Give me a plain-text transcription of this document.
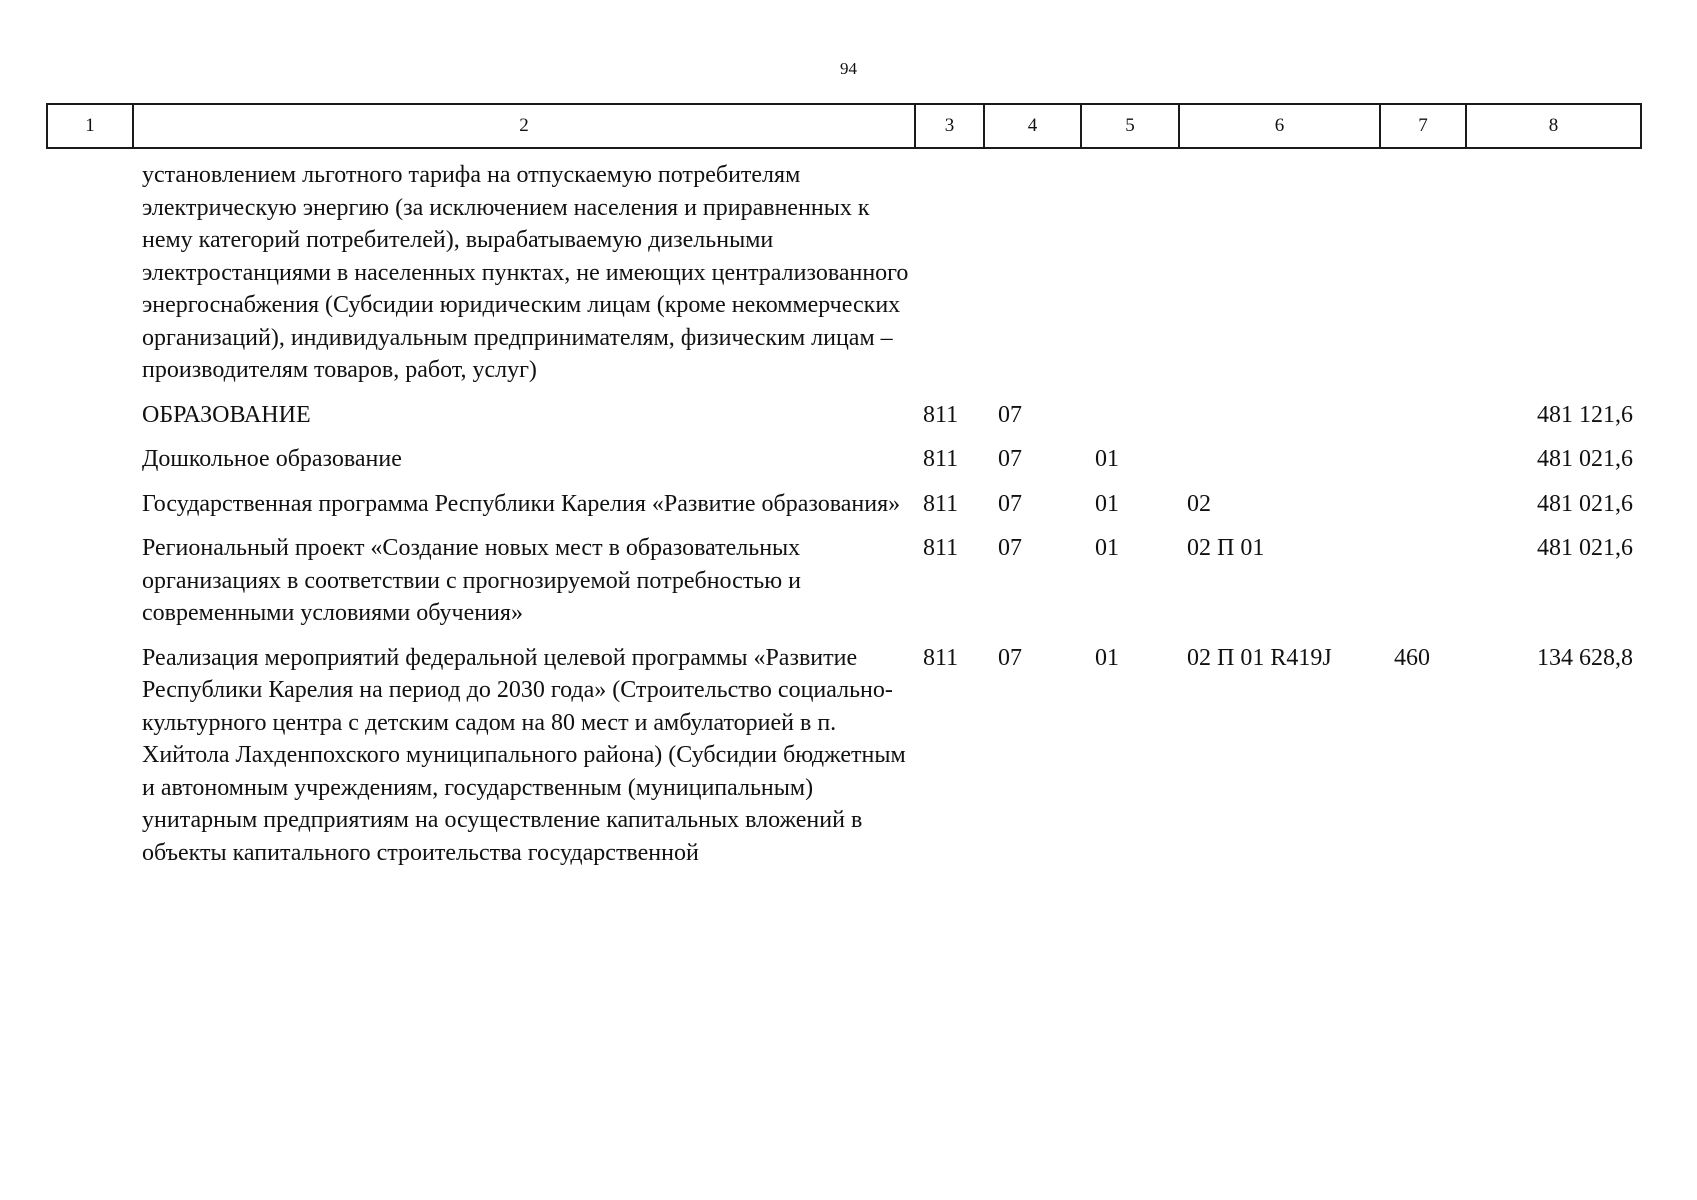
94
1	2	3	4	5	6	7	8
установлением льготного тарифа на отпускаемую потребителям электрическую энергию (за исключением населения и приравненных к нему категорий потребителей), вырабатываемую дизельными электростанциями в населенных пунктах, не имеющих централизованного энергоснабжения (Субсидии юридическим лицам (кроме некоммерческих организаций), индивидуальным предпринимателям, физическим лицам – производителям товаров, работ, услуг)							
ОБРАЗОВАНИЕ		811	07				481 121,6
Дошкольное образование		811	07	01			481 021,6
Государственная программа Республики Карелия «Развитие образования»		811	07	01	02		481 021,6
Региональный проект «Создание новых мест в образовательных организациях в соответствии с прогнозируемой потребностью и современными условиями обучения»		811	07	01	02 П 01		481 021,6
Реализация мероприятий федеральной целевой программы «Развитие Республики Карелия на период до 2030 года» (Строительство социально-культурного центра с детским садом на 80 мест и амбулаторией в п. Хийтола Лахденпохского муниципального района) (Субсидии бюджетным и автономным учреждениям, государственным (муниципальным) унитарным предприятиям на осуществление капитальных вложений в объекты капитального строительства государственной		811	07	01	02 П 01 R419J	460	134 628,8
